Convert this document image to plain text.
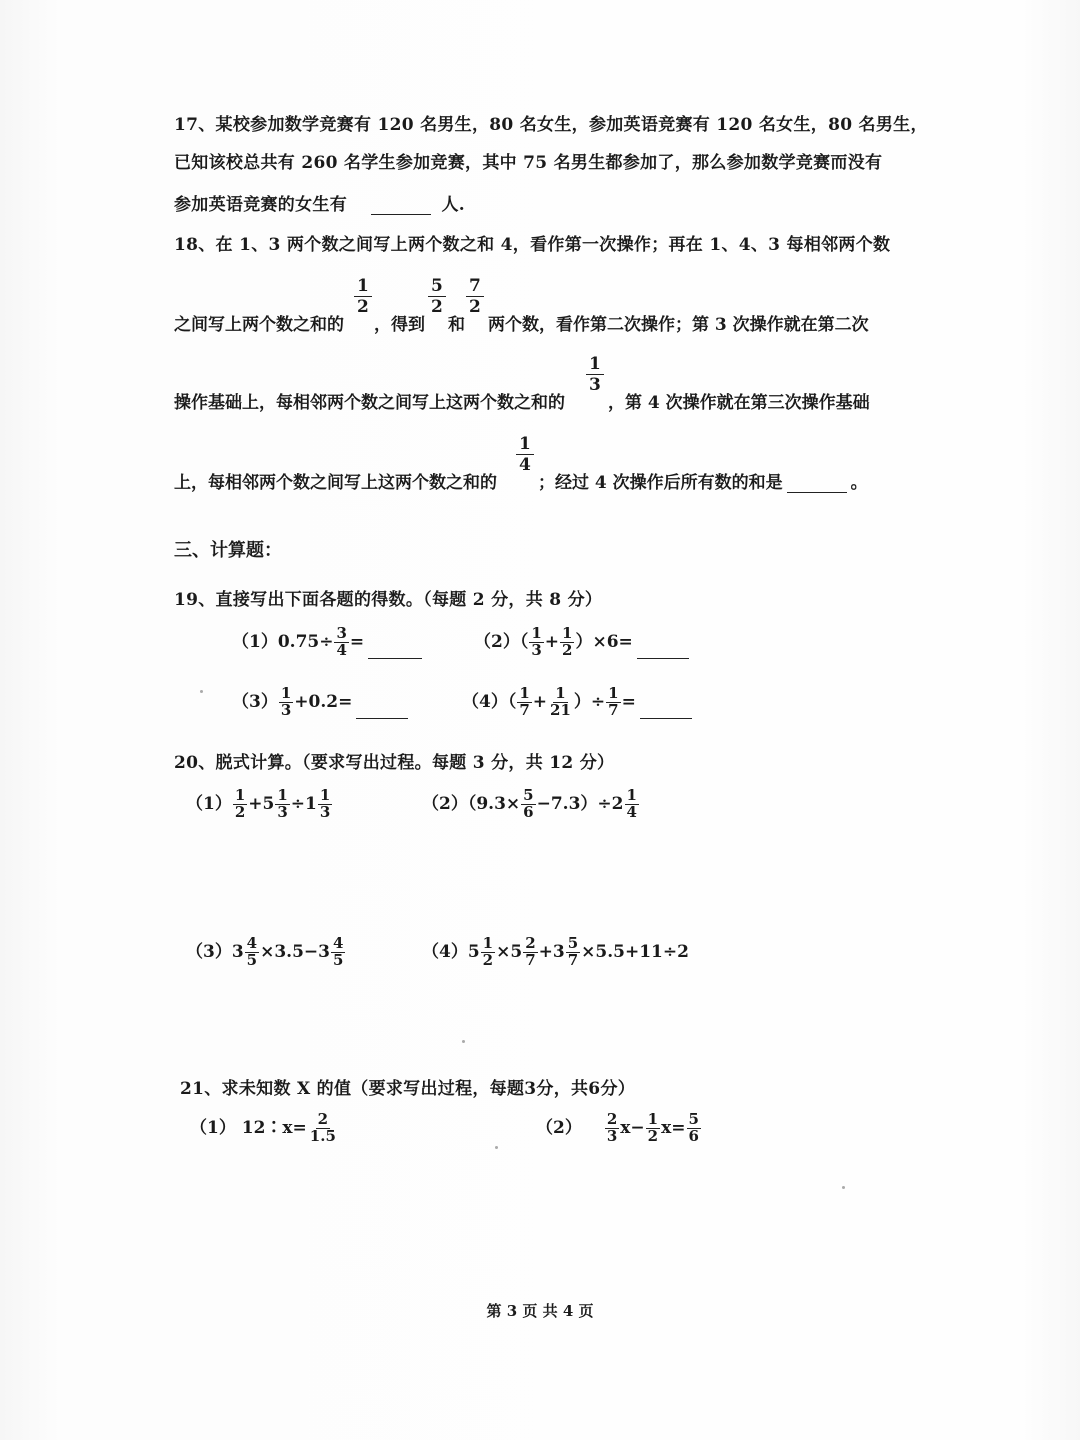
17、某校参加数学竞赛有 120 名男生，80 名女生，参加英语竞赛有 120 名女生，80 名男生，
已知该校总共有 260 名学生参加竞赛，其中 75 名男生都参加了，那么参加数学竞赛而没有
参加英语竞赛的女生有	人.
18、在 1、3 两个数之间写上两个数之和 4，看作第一次操作；再在 1、4、3 每相邻两个数
1
2
5
2
7
2
之间写上两个数之和的 ，得到 和 两个数，看作第二次操作；第 3 次操作就在第二次
1
3
操作基础上，每相邻两个数之间写上这两个数之和的	，第 4 次操作就在第三次操作基础
1
4
上，每相邻两个数之间写上这两个数之和的 ；经过 4 次操作后所有数的和是	。
三、计算题：
19、直接写出下面各题的得数。（每题 2 分，共 8 分）
$(1)0.75\div \frac{3}{4}$ =	$(2)( \frac{1}{3} + \frac{1}{2} )\times 6=$
$(3) \frac{1}{3} +0.2=$	$(4)( \frac{1}{7} + \frac{1}{21}$ ）÷ $\frac{1}{7}$ =
20、脱式计算。（要求写出过程。每题 3 分，共 12 分）
$(1) \frac{1}{2} +5 \frac{1}{3} \div 1 \frac{1}{3}$	$(2)(9.3\times \frac{5}{6} -7.3)\div 2 \frac{1}{4}$
$(3)3 \frac{4}{5} \times 3.5-3 \frac{4}{5}$	$(4)5 \frac{1}{2} \times 5 \frac{2}{7} +3 \frac{5}{7} \times 5.5+11\div 2$
21、求未知数 X 的值（要求写出过程，每题3分，共6分）
（1） 12∶x= $\frac{2}{1.5}$	$(2) \frac{2}{3} x- \frac{1}{2} x= \frac{5}{6}$
第 3 页 共 4 页
